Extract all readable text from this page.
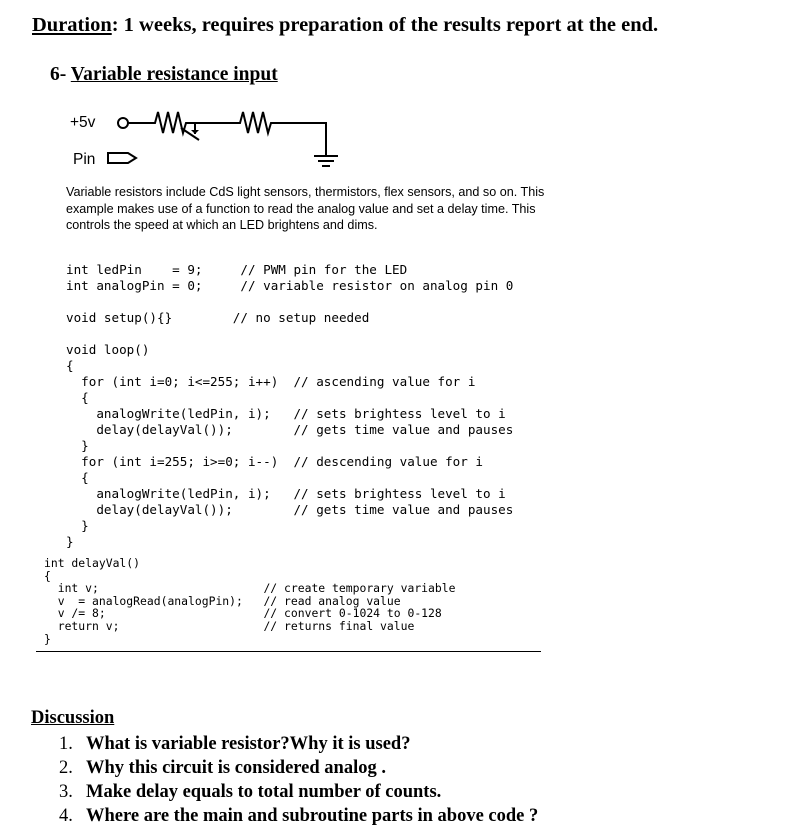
Duration: 1 weeks, requires preparation of the results report at the end.
6- Variable resistance input
+5v
Pin
Variable resistors include CdS light sensors, thermistors, flex sensors, and so on. This example makes use of a function to read the analog value and set a delay time. This controls the speed at which an LED brightens and dims.
int ledPin    = 9;     // PWM pin for the LED
int analogPin = 0;     // variable resistor on analog pin 0
void setup(){}        // no setup needed
void loop()
{
for (int i=0; i<=255; i++)  // ascending value for i
{
analogWrite(ledPin, i);   // sets brightess level to i
delay(delayVal());        // gets time value and pauses
}
for (int i=255; i>=0; i--)  // descending value for i
{
analogWrite(ledPin, i);   // sets brightess level to i
delay(delayVal());        // gets time value and pauses
}
}
int delayVal()
{
int v;                        // create temporary variable
v  = analogRead(analogPin);   // read analog value
v /= 8;                       // convert 0-1024 to 0-128
return v;                     // returns final value
}
Discussion
1. What is variable resistor?Why it is used?
2. Why this circuit is considered analog .
3. Make delay equals to total number of counts.
4. Where are the main and subroutine parts in above code ?
